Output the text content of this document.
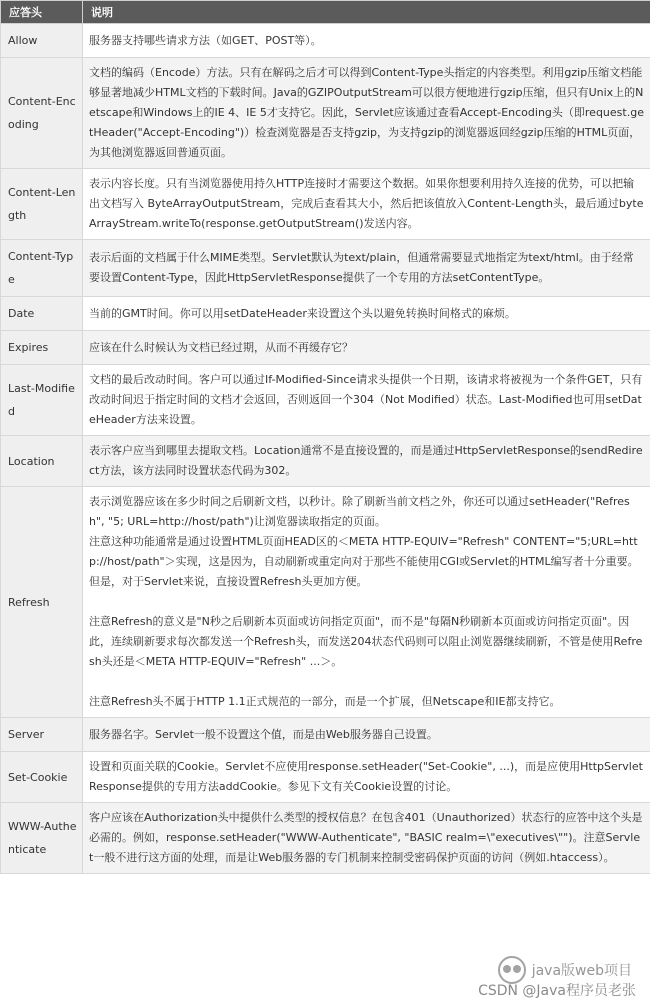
应答头	说明
Allow	服务器支持哪些请求方法（如GET、POST等）。

Content-Encoding	文档的编码（Encode）方法。只有在解码之后才可以得到Content-Type头指定的内容类型。利用gzip压缩文档能够显著地减少HTML文档的下载时间。Java的GZIPOutputStream可以很方便地进行gzip压缩，但只有Unix上的Netscape和Windows上的IE 4、IE 5才支持它。因此，Servlet应该通过查看Accept-Encoding头（即request.getHeader("Accept-Encoding")）检查浏览器是否支持gzip，为支持gzip的浏览器返回经gzip压缩的HTML页面，为其他浏览器返回普通页面。

Content-Length	表示内容长度。只有当浏览器使用持久HTTP连接时才需要这个数据。如果你想要利用持久连接的优势，可以把输出文档写入 ByteArrayOutputStream，完成后查看其大小，然后把该值放入Content-Length头，最后通过byteArrayStream.writeTo(response.getOutputStream()发送内容。

Content-Type	表示后面的文档属于什么MIME类型。Servlet默认为text/plain，但通常需要显式地指定为text/html。由于经常要设置Content-Type，因此HttpServletResponse提供了一个专用的方法setContentType。

Date	当前的GMT时间。你可以用setDateHeader来设置这个头以避免转换时间格式的麻烦。

Expires	应该在什么时候认为文档已经过期，从而不再缓存它？

Last-Modified	文档的最后改动时间。客户可以通过If-Modified-Since请求头提供一个日期，该请求将被视为一个条件GET，只有改动时间迟于指定时间的文档才会返回，否则返回一个304（Not Modified）状态。Last-Modified也可用setDateHeader方法来设置。

Location	表示客户应当到哪里去提取文档。Location通常不是直接设置的，而是通过HttpServletResponse的sendRedirect方法，该方法同时设置状态代码为302。

Refresh	表示浏览器应该在多少时间之后刷新文档，以秒计。除了刷新当前文档之外，你还可以通过setHeader("Refresh", "5; URL=http://host/path")让浏览器读取指定的页面。
注意这种功能通常是通过设置HTML页面HEAD区的＜META HTTP-EQUIV="Refresh" CONTENT="5;URL=http://host/path"＞实现，这是因为，自动刷新或重定向对于那些不能使用CGI或Servlet的HTML编写者十分重要。但是，对于Servlet来说，直接设置Refresh头更加方便。
注意Refresh的意义是"N秒之后刷新本页面或访问指定页面"，而不是"每隔N秒刷新本页面或访问指定页面"。因此，连续刷新要求每次都发送一个Refresh头，而发送204状态代码则可以阻止浏览器继续刷新，不管是使用Refresh头还是＜META HTTP-EQUIV="Refresh" ...＞。
注意Refresh头不属于HTTP 1.1正式规范的一部分，而是一个扩展，但Netscape和IE都支持它。

Server	服务器名字。Servlet一般不设置这个值，而是由Web服务器自己设置。

Set-Cookie	设置和页面关联的Cookie。Servlet不应使用response.setHeader("Set-Cookie", ...)，而是应使用HttpServletResponse提供的专用方法addCookie。参见下文有关Cookie设置的讨论。

WWW-Authenticate	客户应该在Authorization头中提供什么类型的授权信息？在包含401（Unauthorized）状态行的应答中这个头是必需的。例如，response.setHeader("WWW-Authenticate", "BASIC realm=\"executives\"")。注意Servlet一般不进行这方面的处理，而是让Web服务器的专门机制来控制受密码保护页面的访问（例如.htaccess）。
java版web项目
CSDN @Java程序员老张
